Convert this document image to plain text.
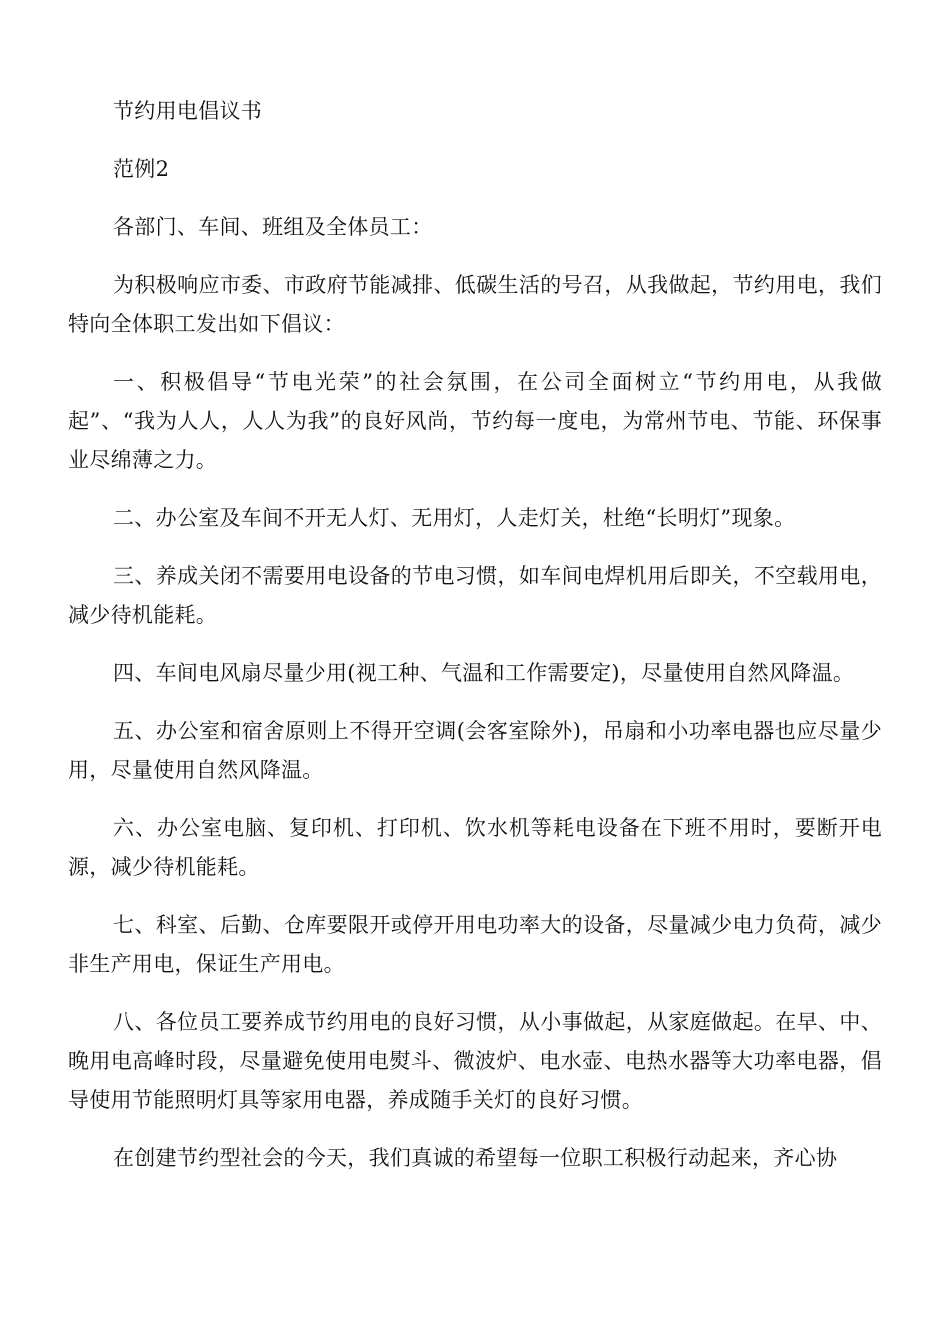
节约用电倡议书

范例2

各部门、车间、班组及全体员工：

为积极响应市委、市政府节能减排、低碳生活的号召，从我做起，节约用电，我们特向全体职工发出如下倡议：

一、积极倡导“节电光荣”的社会氛围，在公司全面树立“节约用电，从我做起”、“我为人人，人人为我”的良好风尚，节约每一度电，为常州节电、节能、环保事业尽绵薄之力。

二、办公室及车间不开无人灯、无用灯，人走灯关，杜绝“长明灯”现象。

三、养成关闭不需要用电设备的节电习惯，如车间电焊机用后即关，不空载用电，减少待机能耗。

四、车间电风扇尽量少用(视工种、气温和工作需要定)，尽量使用自然风降温。

五、办公室和宿舍原则上不得开空调(会客室除外)，吊扇和小功率电器也应尽量少用，尽量使用自然风降温。

六、办公室电脑、复印机、打印机、饮水机等耗电设备在下班不用时，要断开电源，减少待机能耗。

七、科室、后勤、仓库要限开或停开用电功率大的设备，尽量减少电力负荷，减少非生产用电，保证生产用电。

八、各位员工要养成节约用电的良好习惯，从小事做起，从家庭做起。在早、中、晚用电高峰时段，尽量避免使用电熨斗、微波炉、电水壶、电热水器等大功率电器，倡导使用节能照明灯具等家用电器，养成随手关灯的良好习惯。

在创建节约型社会的今天，我们真诚的希望每一位职工积极行动起来，齐心协
